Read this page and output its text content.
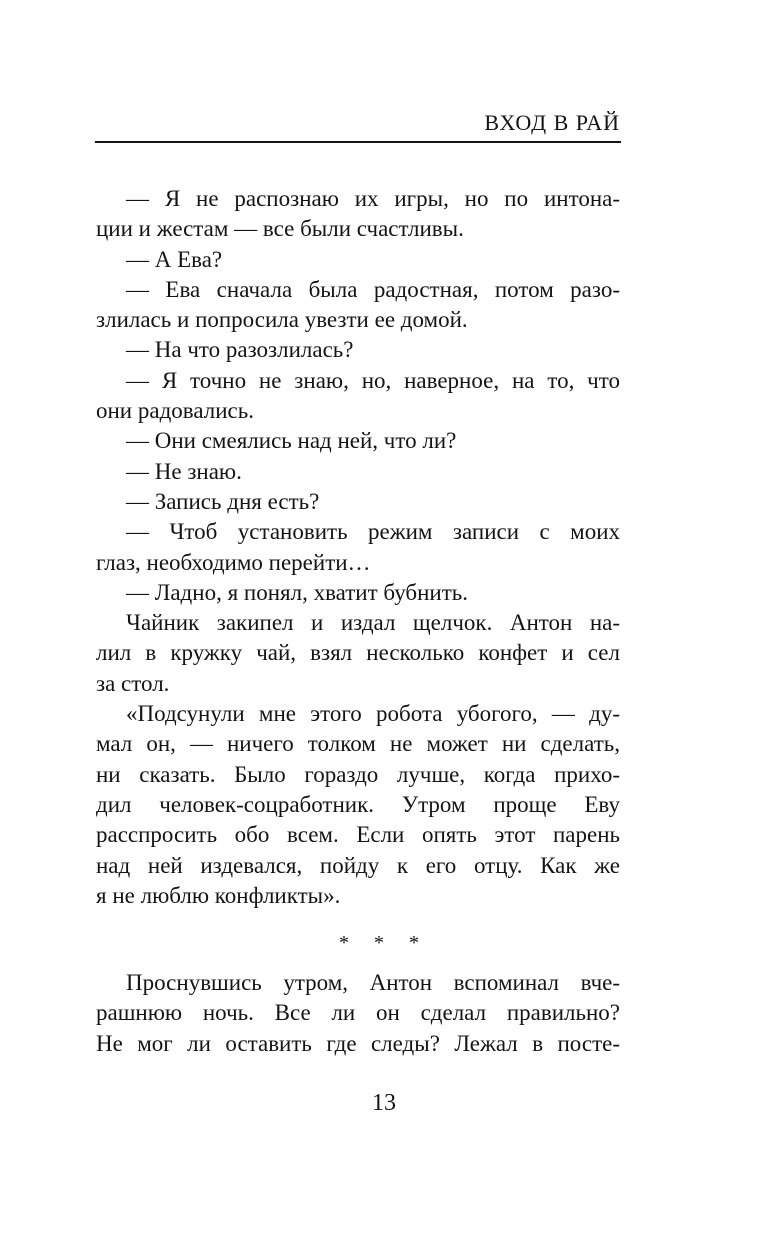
ВХОД В РАЙ
— Я не распознаю их игры, но по интона-
ции и жестам — все были счастливы.
— А Ева?
— Ева сначала была радостная, потом разо-
злилась и попросила увезти ее домой.
— На что разозлилась?
— Я точно не знаю, но, наверное, на то, что
они радовались.
— Они смеялись над ней, что ли?
— Не знаю.
— Запись дня есть?
— Чтоб установить режим записи с моих
глаз, необходимо перейти…
— Ладно, я понял, хватит бубнить.
Чайник закипел и издал щелчок. Антон на-
лил в кружку чай, взял несколько конфет и сел
за стол.
«Подсунули мне этого робота убогого, — ду-
мал он, — ничего толком не может ни сделать,
ни сказать. Было гораздо лучше, когда прихо-
дил человек-соцработник. Утром проще Еву
расспросить обо всем. Если опять этот парень
над ней издевался, пойду к его отцу. Как же
я не люблю конфликты».
* * *
Проснувшись утром, Антон вспоминал вче-
рашнюю ночь. Все ли он сделал правильно?
Не мог ли оставить где следы? Лежал в посте-
13
